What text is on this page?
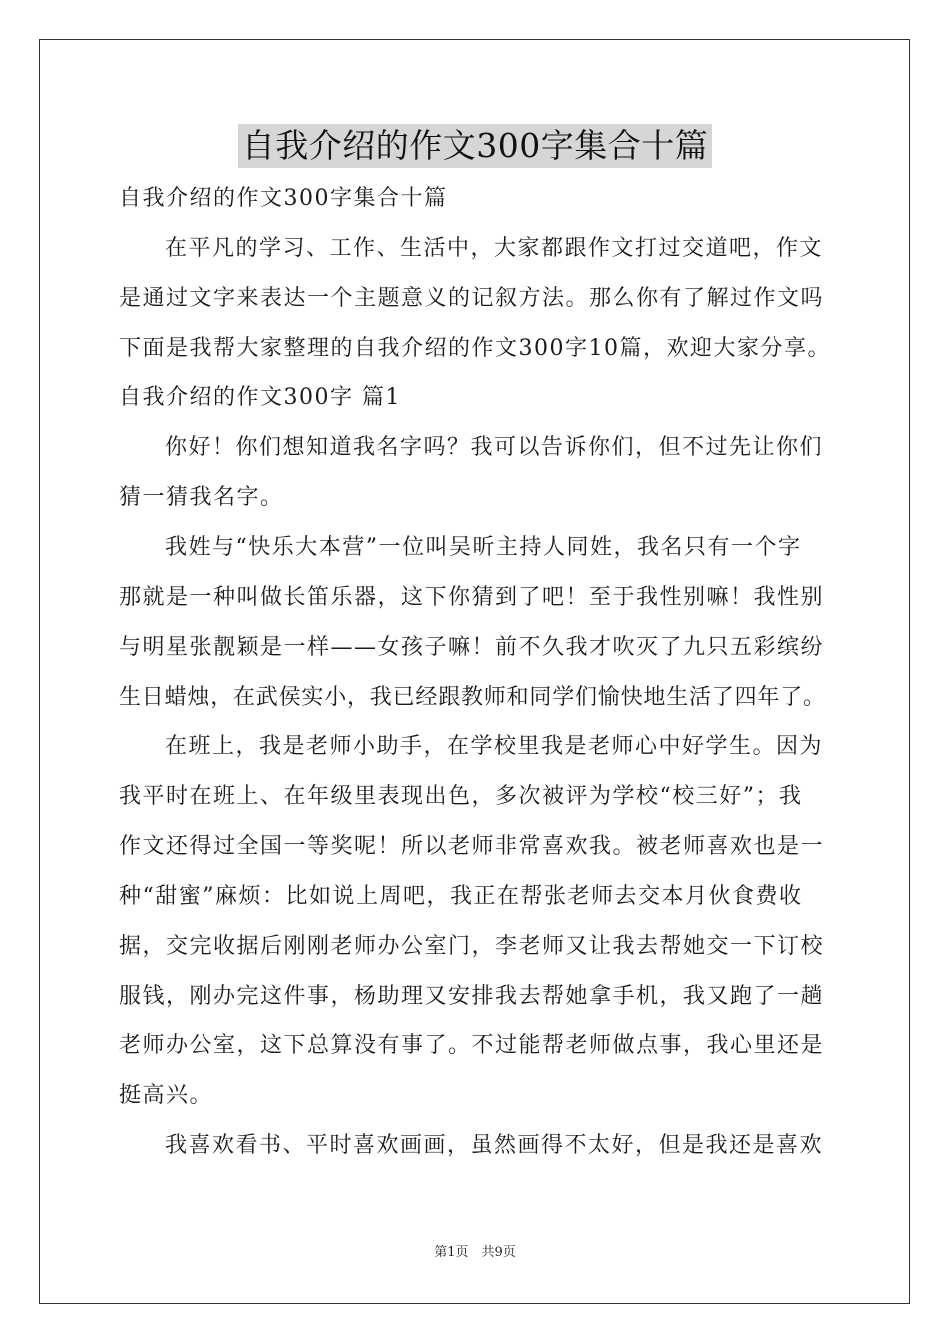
自我介绍的作文300字集合十篇
自我介绍的作文300字集合十篇
在平凡的学习、工作、生活中，大家都跟作文打过交道吧，作文
是通过文字来表达一个主题意义的记叙方法。那么你有了解过作文吗
下面是我帮大家整理的自我介绍的作文300字10篇，欢迎大家分享。
自我介绍的作文300字 篇1
你好！你们想知道我名字吗？我可以告诉你们，但不过先让你们
猜一猜我名字。
我姓与“快乐大本营”一位叫吴昕主持人同姓，我名只有一个字
那就是一种叫做长笛乐器，这下你猜到了吧！至于我性别嘛！我性别
与明星张靓颖是一样——女孩子嘛！前不久我才吹灭了九只五彩缤纷
生日蜡烛，在武侯实小，我已经跟教师和同学们愉快地生活了四年了。
在班上，我是老师小助手，在学校里我是老师心中好学生。因为
我平时在班上、在年级里表现出色，多次被评为学校“校三好”；我
作文还得过全国一等奖呢！所以老师非常喜欢我。被老师喜欢也是一
种“甜蜜”麻烦：比如说上周吧，我正在帮张老师去交本月伙食费收
据，交完收据后刚刚老师办公室门，李老师又让我去帮她交一下订校
服钱，刚办完这件事，杨助理又安排我去帮她拿手机，我又跑了一趟
老师办公室，这下总算没有事了。不过能帮老师做点事，我心里还是
挺高兴。
我喜欢看书、平时喜欢画画，虽然画得不太好，但是我还是喜欢
第1页　共9页
